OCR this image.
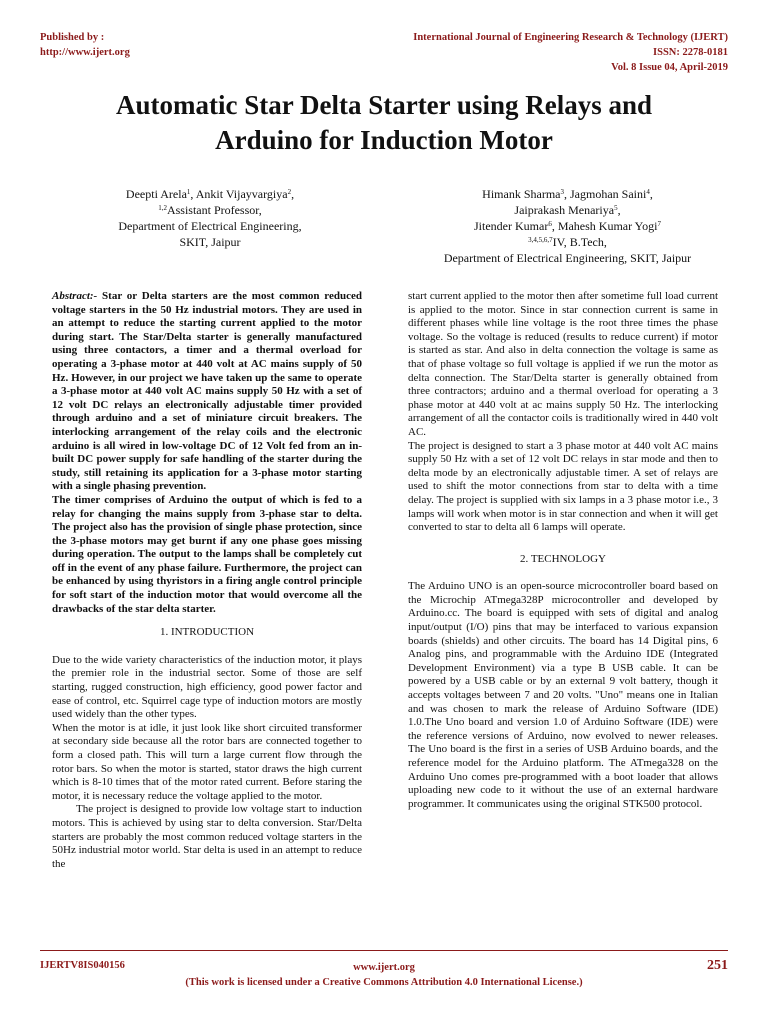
Published by :
http://www.ijert.org
International Journal of Engineering Research & Technology (IJERT)
ISSN: 2278-0181
Vol. 8 Issue 04, April-2019
Automatic Star Delta Starter using Relays and
Arduino for Induction Motor
Deepti Arela$^1$, Ankit Vijayvargiya$^2$,
$^{1,2}$Assistant Professor,
Department of Electrical Engineering,
SKIT, Jaipur
Himank Sharma$^3$, Jagmohan Saini$^4$,
Jaiprakash Menariya$^5$,
Jitender Kumar$^6$, Mahesh Kumar Yogi$^7$
$^{3,4,5,6,7}$IV, B.Tech,
Department of Electrical Engineering, SKIT, Jaipur

Abstract:- Star or Delta starters are the most common reduced voltage starters in the 50 Hz industrial motors. They are used in an attempt to reduce the starting current applied to the motor during start. The Star/Delta starter is generally manufactured using three contactors, a timer and a thermal overload for operating a 3-phase motor at 440 volt at AC mains supply of 50 Hz. However, in our project we have taken up the same to operate a 3-phase motor at 440 volt AC mains supply 50 Hz with a set of 12 volt DC relays an electronically adjustable timer provided through arduino and a set of miniature circuit breakers. The interlocking arrangement of the relay coils and the electronic arduino is all wired in low-voltage DC of 12 Volt fed from an in-built DC power supply for safe handling of the starter during the study, still retaining its application for a 3-phase motor starting with a single phasing prevention.

The timer comprises of Arduino the output of which is fed to a relay for changing the mains supply from 3-phase star to delta. The project also has the provision of single phase protection, since the 3-phase motors may get burnt if any one phase goes missing during operation. The output to the lamps shall be completely cut off in the event of any phase failure. Furthermore, the project can be enhanced by using thyristors in a firing angle control principle for soft start of the induction motor that would overcome all the drawbacks of the star delta starter.

1. INTRODUCTION

Due to the wide variety characteristics of the induction motor, it plays the premier role in the industrial sector. Some of those are self starting, rugged construction, high efficiency, good power factor and ease of control, etc. Squirrel cage type of induction motors are mostly used widely than the other types.

When the motor is at idle, it just look like short circuited transformer at secondary side because all the rotor bars are connected together to form a closed path. This will turn a large current flow through the rotor bars. So when the motor is started, stator draws the high current which is 8-10 times that of the motor rated current. Before staring the motor, it is necessary reduce the voltage applied to the motor.

The project is designed to provide low voltage start to induction motors. This is achieved by using star to delta conversion. Star/Delta starters are probably the most common reduced voltage starters in the 50Hz industrial motor world. Star delta is used in an attempt to reduce the

start current applied to the motor then after sometime full load current is applied to the motor. Since in star connection current is same in different phases while line voltage is the root three times the phase voltage. So the voltage is reduced (results to reduce current) if motor is started as star. And also in delta connection the voltage is same as that of phase voltage so full voltage is applied if we run the motor as delta connection. The Star/Delta starter is generally obtained from three contractors; arduino and a thermal overload for operating a 3 phase motor at 440 volt at ac mains supply 50 Hz. The interlocking arrangement of all the contactor coils is traditionally wired in 440 volt AC.

The project is designed to start a 3 phase motor at 440 volt AC mains supply 50 Hz with a set of 12 volt DC relays in star mode and then to delta mode by an electronically adjustable timer. A set of relays are used to shift the motor connections from star to delta with a time delay. The project is supplied with six lamps in a 3 phase motor i.e., 3 lamps will work when motor is in star connection and when it will get converted to star to delta all 6 lamps will operate.

2. TECHNOLOGY

The Arduino UNO is an open-source microcontroller board based on the Microchip ATmega328P microcontroller and developed by Arduino.cc. The board is equipped with sets of digital and analog input/output (I/O) pins that may be interfaced to various expansion boards (shields) and other circuits. The board has 14 Digital pins, 6 Analog pins, and programmable with the Arduino IDE (Integrated Development Environment) via a type B USB cable. It can be powered by a USB cable or by an external 9 volt battery, though it accepts voltages between 7 and 20 volts. "Uno" means one in Italian and was chosen to mark the release of Arduino Software (IDE) 1.0.The Uno board and version 1.0 of Arduino Software (IDE) were the reference versions of Arduino, now evolved to newer releases. The Uno board is the first in a series of USB Arduino boards, and the reference model for the Arduino platform. The ATmega328 on the Arduino Uno comes pre-programmed with a boot loader that allows uploading new code to it without the use of an external hardware programmer. It communicates using the original STK500 protocol.

IJERTV8IS040156	www.ijert.org
(This work is licensed under a Creative Commons Attribution 4.0 International License.)
251
